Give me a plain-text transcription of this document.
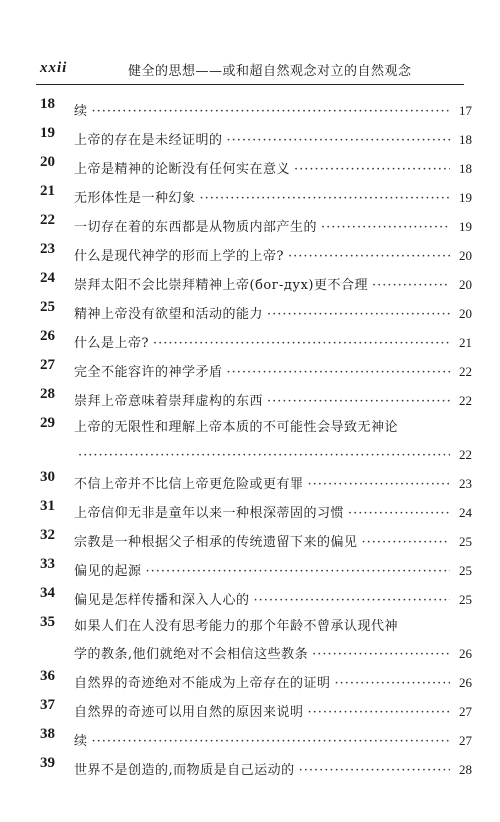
xxii	健全的思想——或和超自然观念对立的自然观念
18 续 ·····	17
19 上帝的存在是未经证明的 ·····	18
20 上帝是精神的论断没有任何实在意义 ·····	18
21 无形体性是一种幻象 ·····	19
22 一切存在着的东西都是从物质内部产生的 ·····	19
23 什么是现代神学的形而上学的上帝? ·····	20
24 崇拜太阳不会比崇拜精神上帝(бог-дух)更不合理 ·····	20
25 精神上帝没有欲望和活动的能力 ·····	20
26 什么是上帝? ·····	21
27 完全不能容许的神学矛盾 ·····	22
28 崇拜上帝意味着崇拜虚构的东西 ·····	22
29 上帝的无限性和理解上帝本质的不可能性会导致无神论
·····
22
30 不信上帝并不比信上帝更危险或更有罪 ·····	23
31 上帝信仰无非是童年以来一种根深蒂固的习惯 ·····	24
32 宗教是一种根据父子相承的传统遗留下来的偏见 ·····	25
33 偏见的起源 ·····	25
34 偏见是怎样传播和深入人心的 ·····	25
35 如果人们在人没有思考能力的那个年龄不曾承认现代神
学的教条,他们就绝对不会相信这些教条 ·····	26
36 自然界的奇迹绝对不能成为上帝存在的证明 ·····	26
37 自然界的奇迹可以用自然的原因来说明 ·····	27
38 续 ·····	27
39 世界不是创造的,而物质是自己运动的 ·····	28
